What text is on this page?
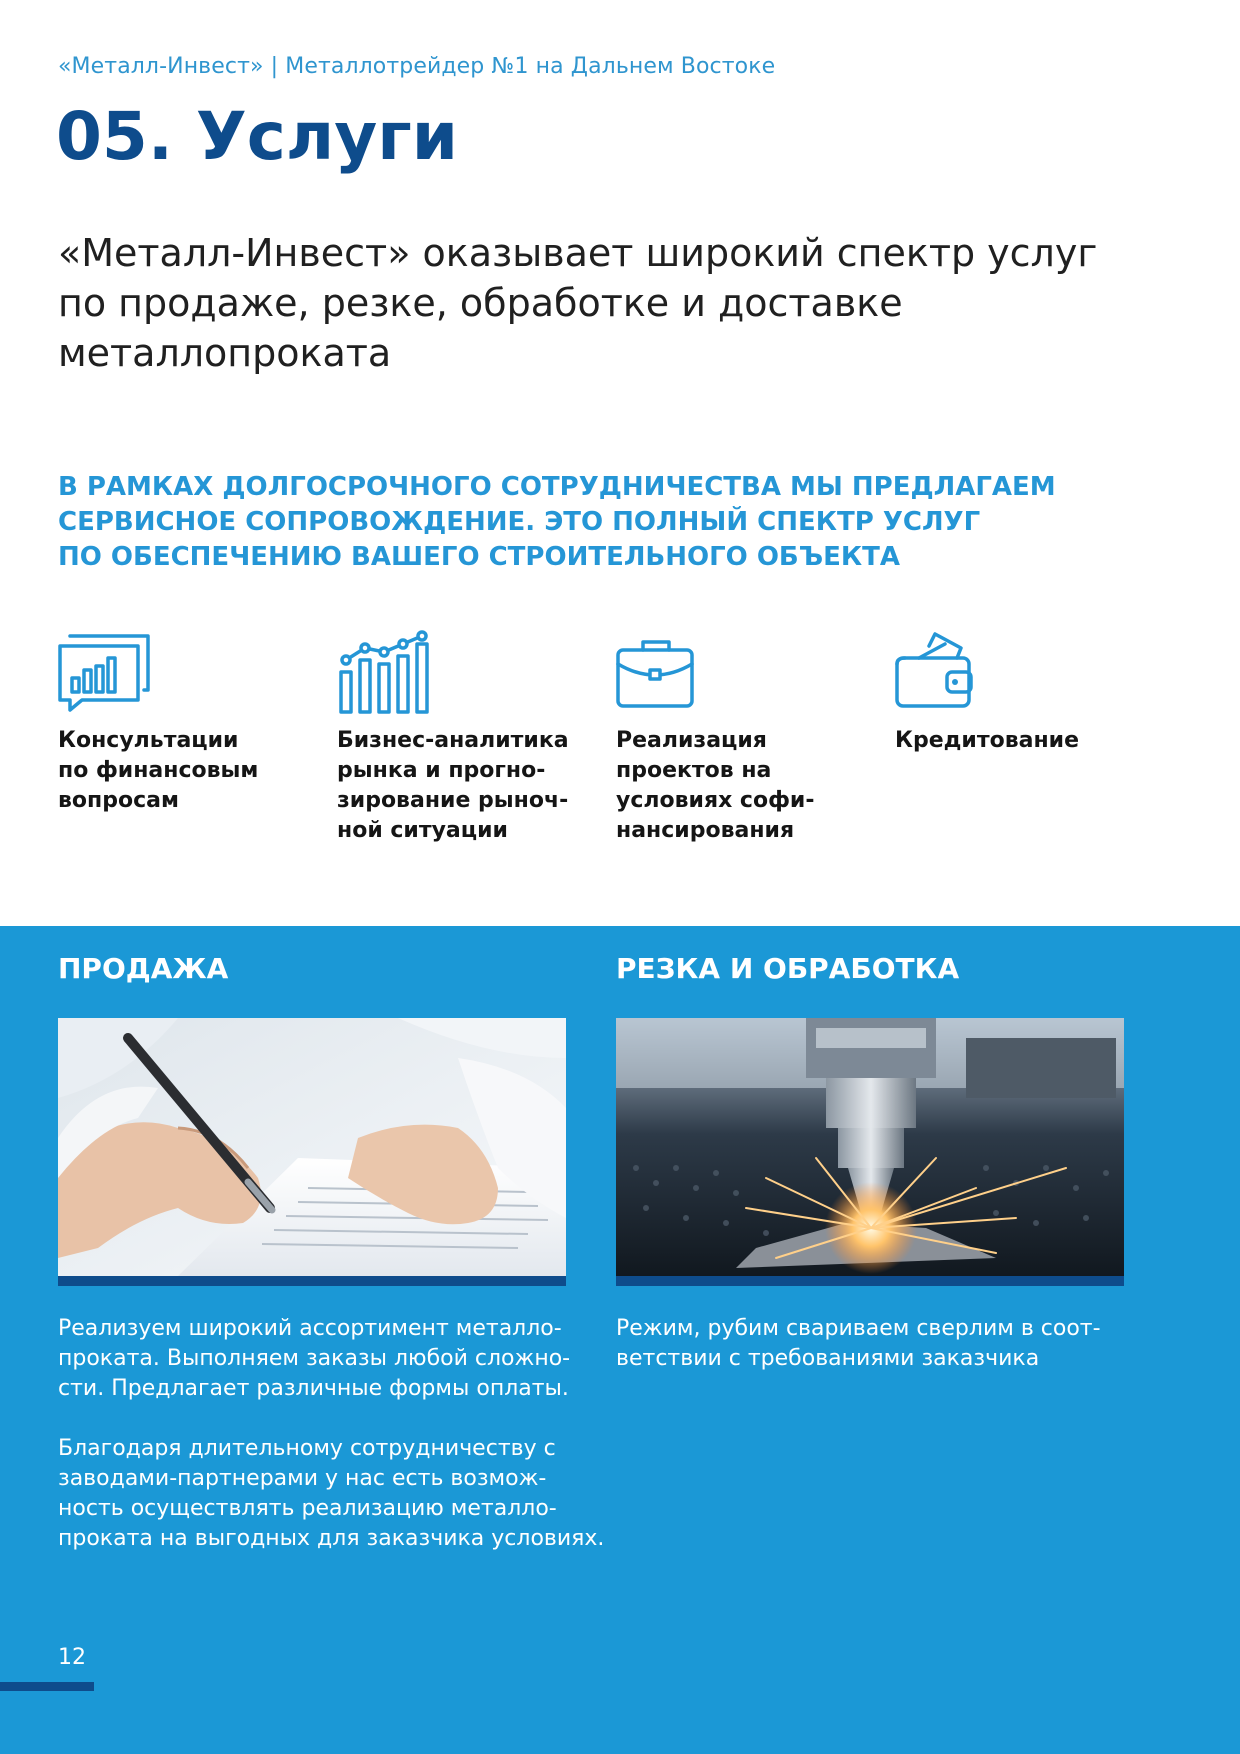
«Металл-Инвест» | Металлотрейдер №1 на Дальнем Востоке
05. Услуги
«Металл-Инвест» оказывает широкий спектр услуг
по продаже, резке, обработке и доставке
металлопроката
В РАМКАХ ДОЛГОСРОЧНОГО СОТРУДНИЧЕСТВА МЫ ПРЕДЛАГАЕМ
СЕРВИСНОЕ СОПРОВОЖДЕНИЕ. ЭТО ПОЛНЫЙ СПЕКТР УСЛУГ
ПО ОБЕСПЕЧЕНИЮ ВАШЕГО СТРОИТЕЛЬНОГО ОБЪЕКТА
Консультации
по финансовым
вопросам
Бизнес-аналитика
рынка и прогно-
зирование рыноч-
ной ситуации
Реализация
проектов на
условиях софи-
нансирования
Кредитование
ПРОДАЖА
Реализуем широкий ассортимент металло-
проката. Выполняем заказы любой сложно-
сти. Предлагает различные формы оплаты.
Благодаря длительному сотрудничеству с
заводами-партнерами у нас есть возмож-
ность осуществлять реализацию металло-
проката на выгодных для заказчика условиях.
РЕЗКА И ОБРАБОТКА
Режим, рубим свариваем сверлим в соот-
ветствии с требованиями заказчика
12
